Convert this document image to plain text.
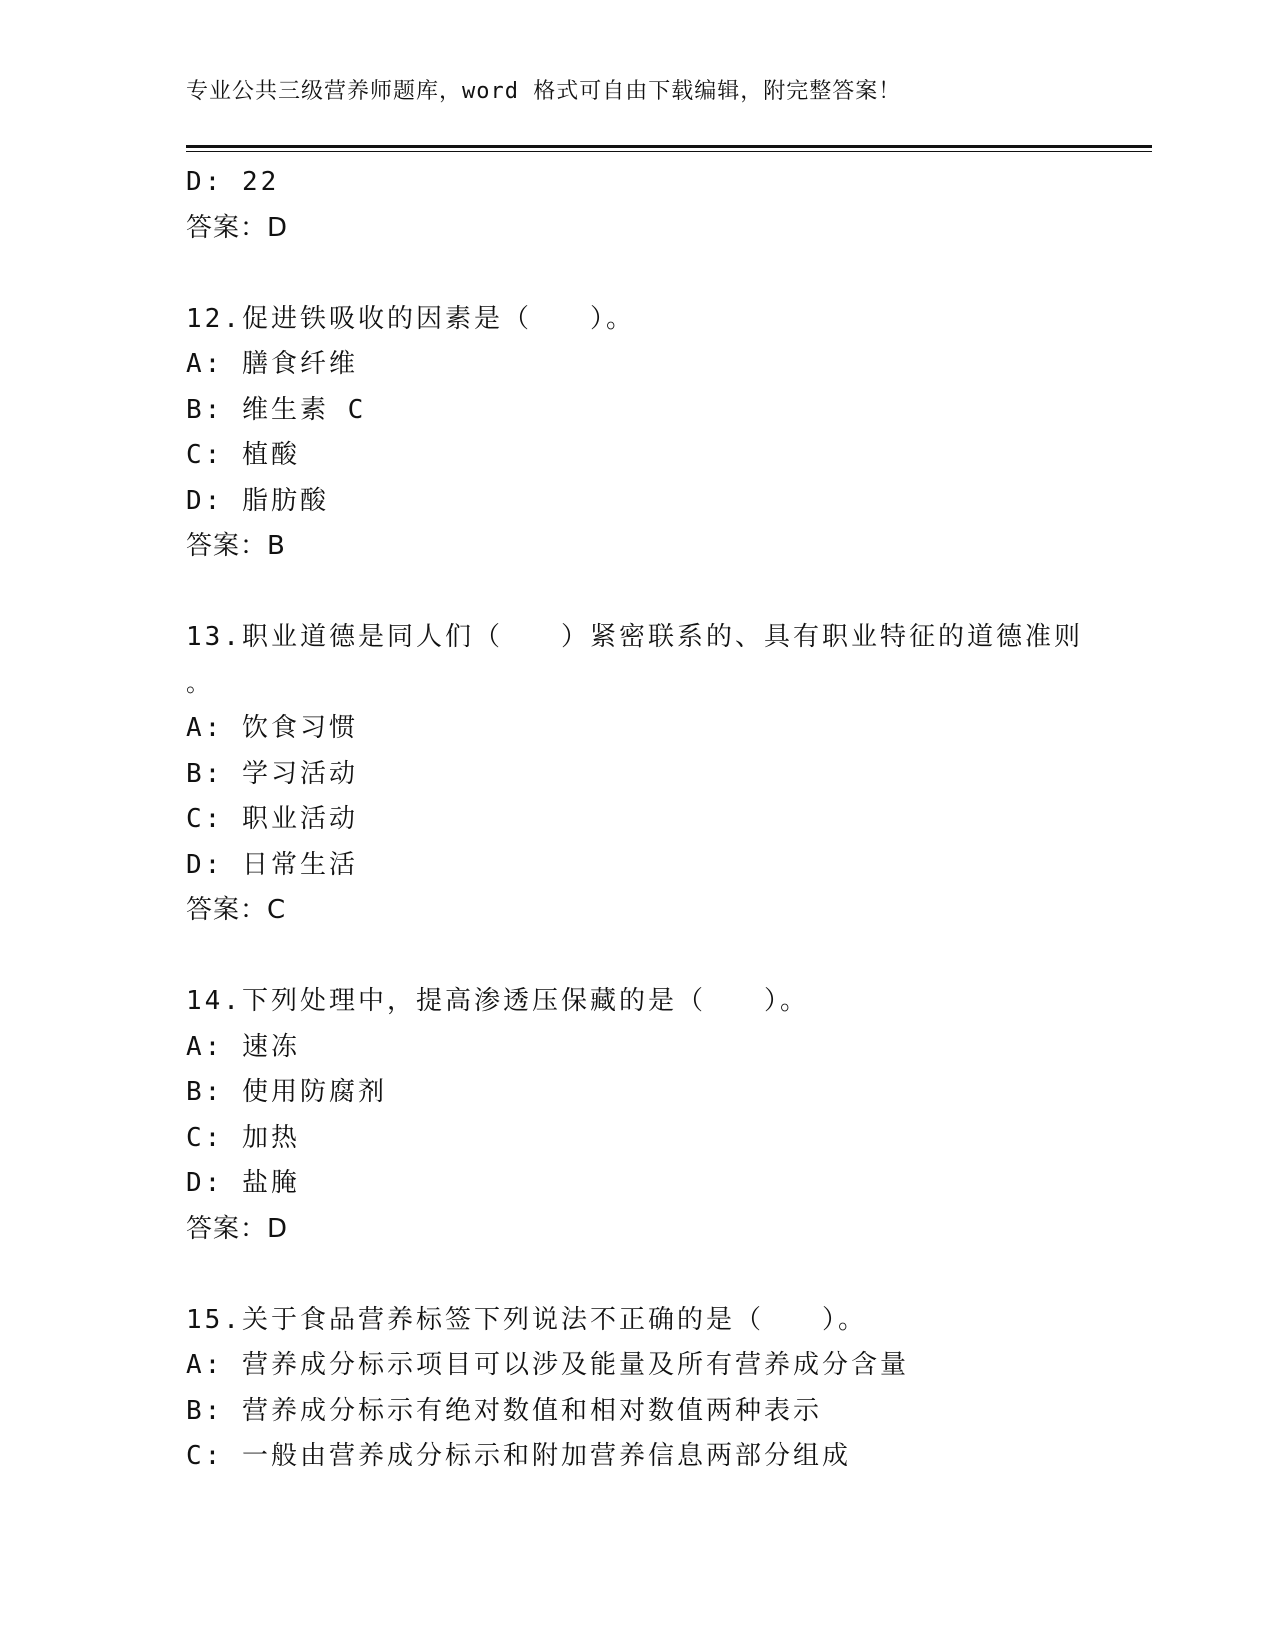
专业公共三级营养师题库，word 格式可自由下载编辑，附完整答案！
D: 22
答案：D
12.促进铁吸收的因素是（　　）。
A: 膳食纤维
B: 维生素 C
C: 植酸
D: 脂肪酸
答案：B
13.职业道德是同人们（　　）紧密联系的、具有职业特征的道德准则
。
A: 饮食习惯
B: 学习活动
C: 职业活动
D: 日常生活
答案：C
14.下列处理中，提高渗透压保藏的是（　　）。
A: 速冻
B: 使用防腐剂
C: 加热
D: 盐腌
答案：D
15.关于食品营养标签下列说法不正确的是（　　）。
A: 营养成分标示项目可以涉及能量及所有营养成分含量
B: 营养成分标示有绝对数值和相对数值两种表示
C: 一般由营养成分标示和附加营养信息两部分组成
